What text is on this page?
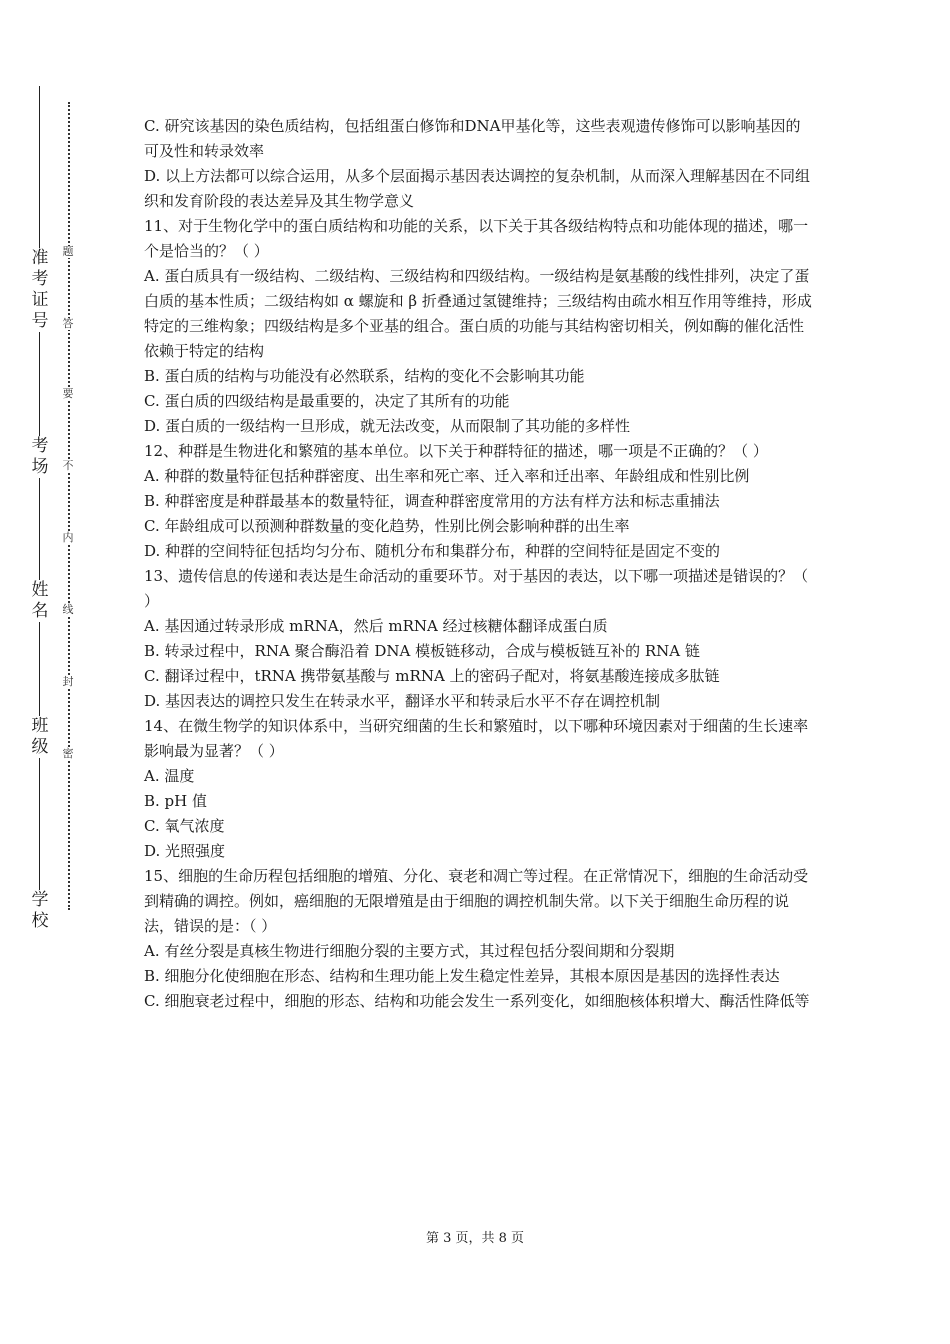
准考证号
考场
姓名
班级
学校
题
答
要
不
内
线
封
密

C. 研究该基因的染色质结构，包括组蛋白修饰和DNA甲基化等，这些表观遗传修饰可以影响基因的可及性和转录效率

D. 以上方法都可以综合运用，从多个层面揭示基因表达调控的复杂机制，从而深入理解基因在不同组织和发育阶段的表达差异及其生物学意义

11、对于生物化学中的蛋白质结构和功能的关系，以下关于其各级结构特点和功能体现的描述，哪一个是恰当的？（ ）

A. 蛋白质具有一级结构、二级结构、三级结构和四级结构。一级结构是氨基酸的线性排列，决定了蛋白质的基本性质；二级结构如 α 螺旋和 β 折叠通过氢键维持；三级结构由疏水相互作用等维持，形成特定的三维构象；四级结构是多个亚基的组合。蛋白质的功能与其结构密切相关，例如酶的催化活性依赖于特定的结构

B. 蛋白质的结构与功能没有必然联系，结构的变化不会影响其功能

C. 蛋白质的四级结构是最重要的，决定了其所有的功能

D. 蛋白质的一级结构一旦形成，就无法改变，从而限制了其功能的多样性

12、种群是生物进化和繁殖的基本单位。以下关于种群特征的描述，哪一项是不正确的？（ ）

A. 种群的数量特征包括种群密度、出生率和死亡率、迁入率和迁出率、年龄组成和性别比例

B. 种群密度是种群最基本的数量特征，调查种群密度常用的方法有样方法和标志重捕法

C. 年龄组成可以预测种群数量的变化趋势，性别比例会影响种群的出生率

D. 种群的空间特征包括均匀分布、随机分布和集群分布，种群的空间特征是固定不变的

13、遗传信息的传递和表达是生命活动的重要环节。对于基因的表达，以下哪一项描述是错误的？（ ）

A. 基因通过转录形成 mRNA，然后 mRNA 经过核糖体翻译成蛋白质

B. 转录过程中，RNA 聚合酶沿着 DNA 模板链移动，合成与模板链互补的 RNA 链

C. 翻译过程中，tRNA 携带氨基酸与 mRNA 上的密码子配对，将氨基酸连接成多肽链

D. 基因表达的调控只发生在转录水平，翻译水平和转录后水平不存在调控机制

14、在微生物学的知识体系中，当研究细菌的生长和繁殖时，以下哪种环境因素对于细菌的生长速率影响最为显著？（ ）

A. 温度

B. pH 值

C. 氧气浓度

D. 光照强度

15、细胞的生命历程包括细胞的增殖、分化、衰老和凋亡等过程。在正常情况下，细胞的生命活动受到精确的调控。例如，癌细胞的无限增殖是由于细胞的调控机制失常。以下关于细胞生命历程的说法，错误的是：（ ）

A. 有丝分裂是真核生物进行细胞分裂的主要方式，其过程包括分裂间期和分裂期

B. 细胞分化使细胞在形态、结构和生理功能上发生稳定性差异，其根本原因是基因的选择性表达

C. 细胞衰老过程中，细胞的形态、结构和功能会发生一系列变化，如细胞核体积增大、酶活性降低等

第 3 页，共 8 页
